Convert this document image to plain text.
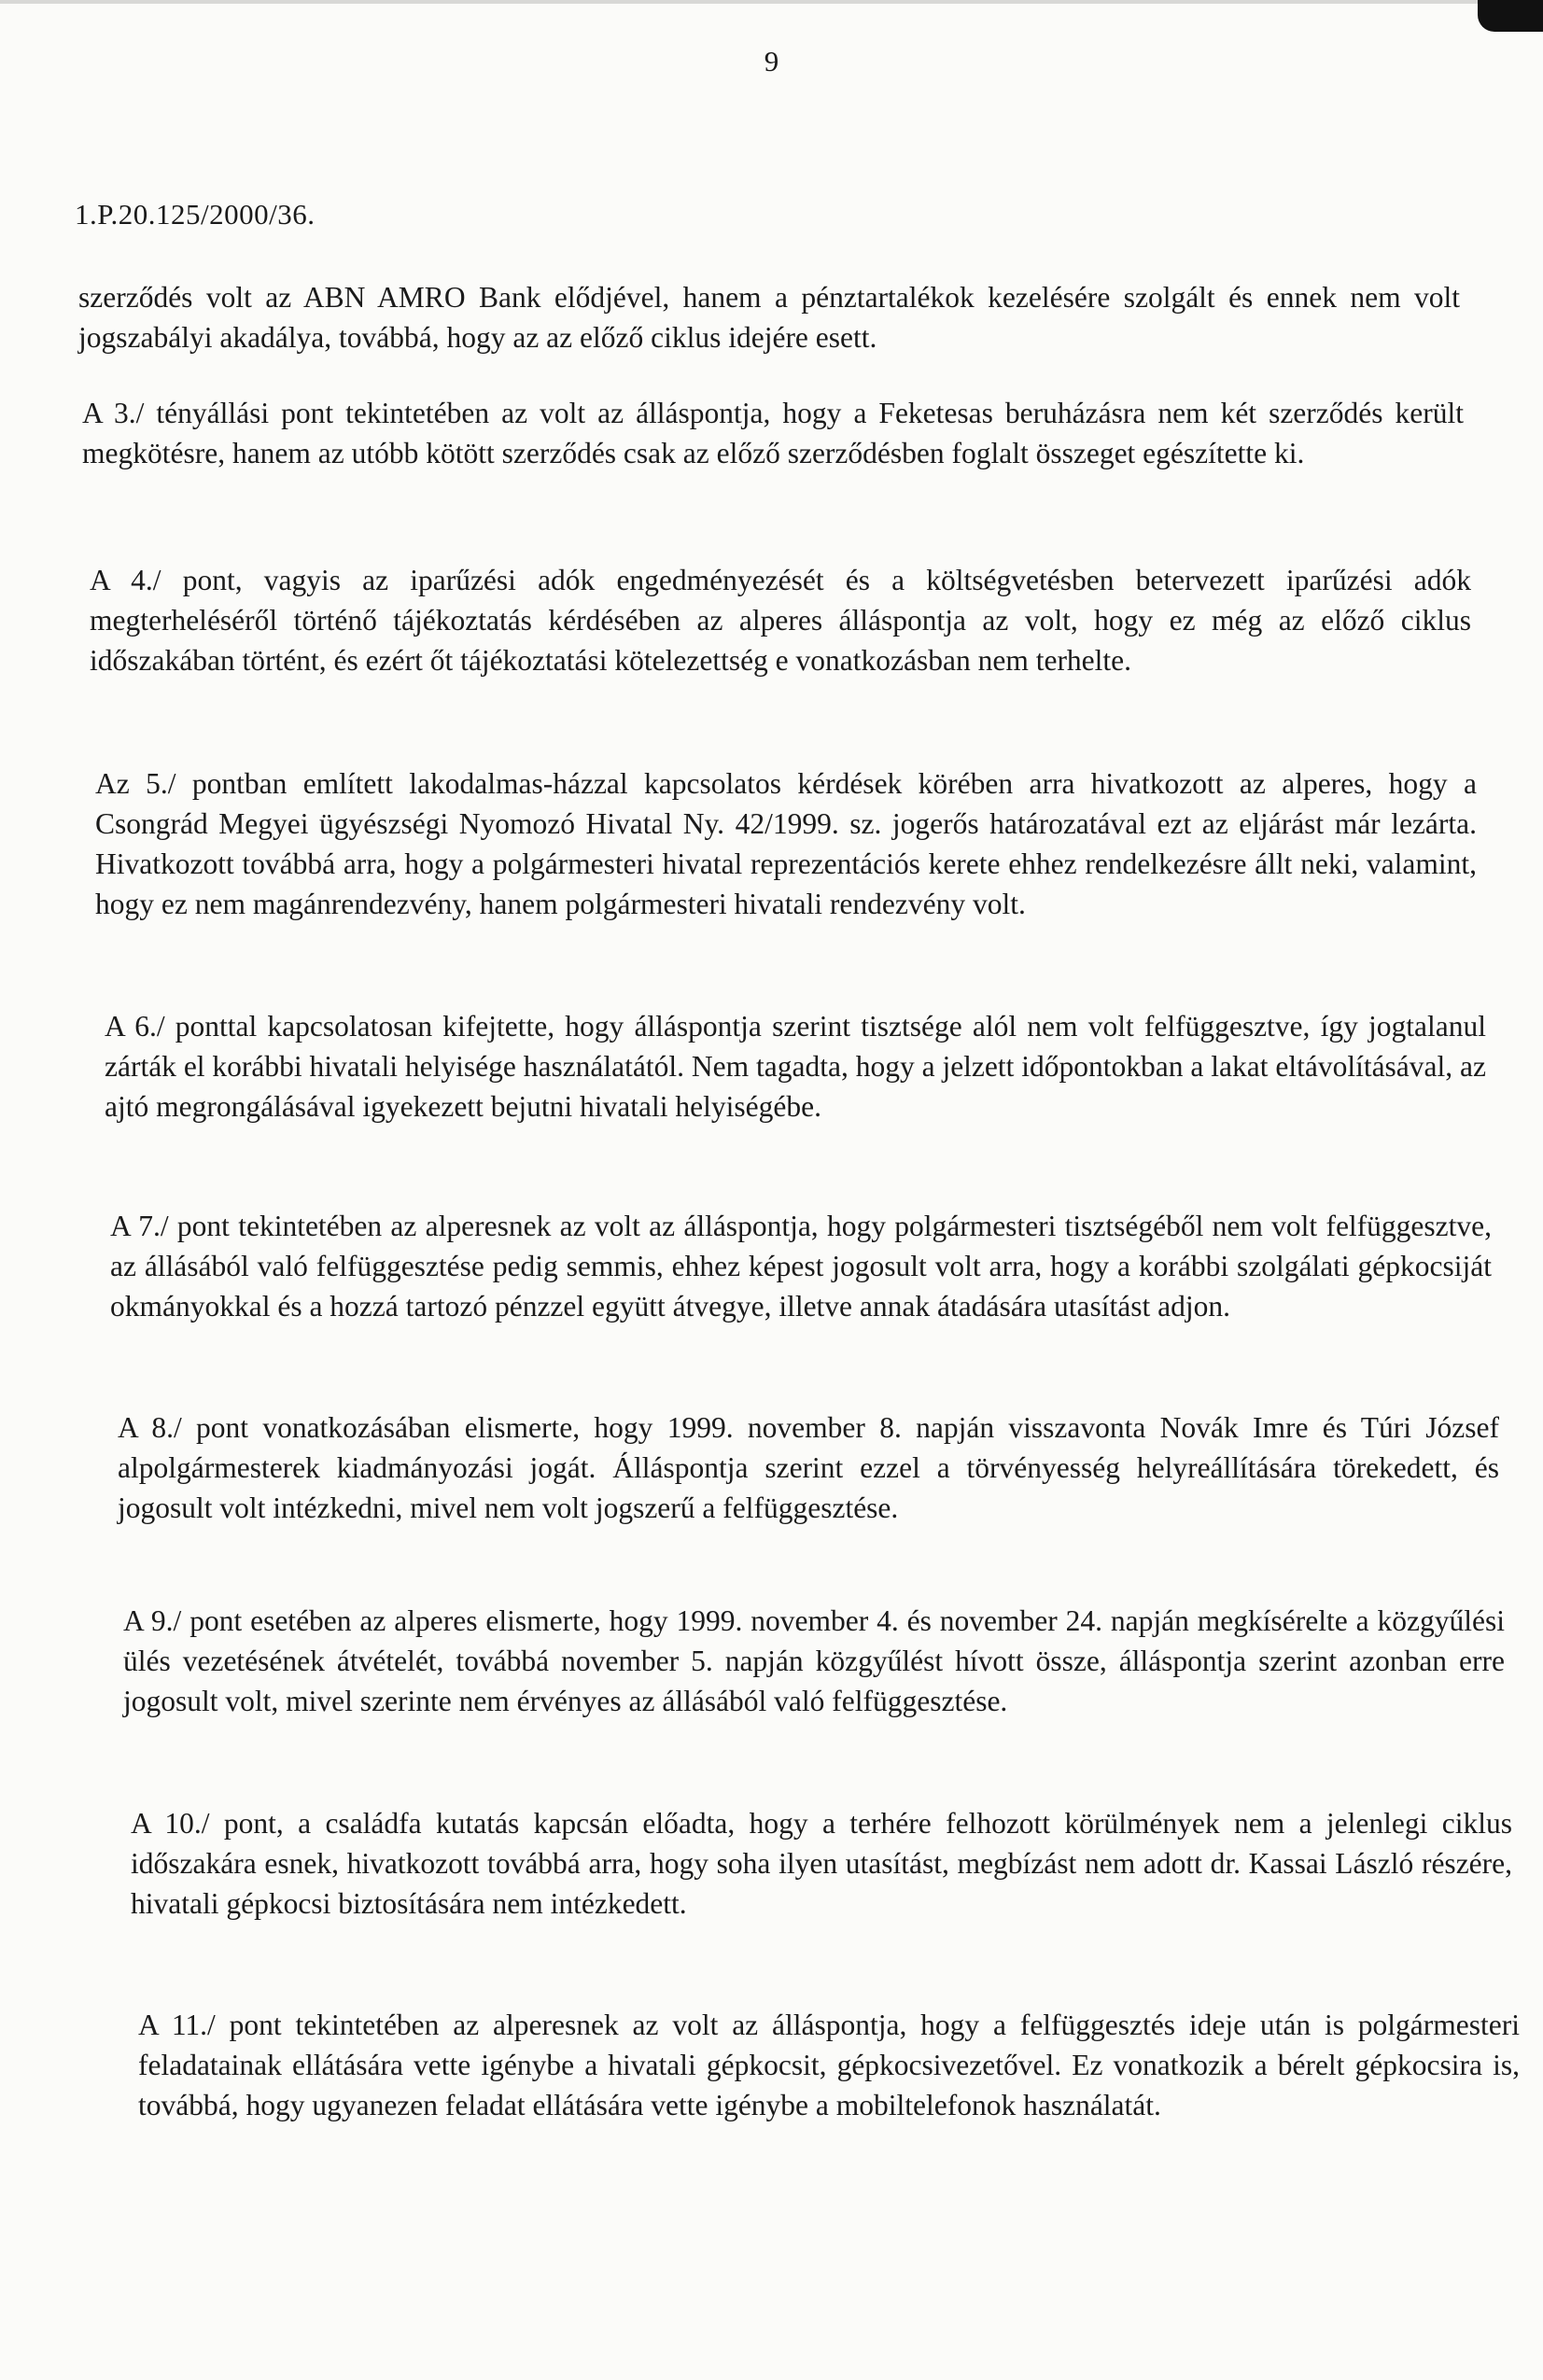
9
1.P.20.125/2000/36.

szerződés volt az ABN AMRO Bank elődjével, hanem a pénztartalékok kezelésére szolgált és ennek nem volt jogszabályi akadálya, továbbá, hogy az az előző ciklus idejére esett.

A 3./ tényállási pont tekintetében az volt az álláspontja, hogy a Feketesas beruházásra nem két szerződés került megkötésre, hanem az utóbb kötött szerződés csak az előző szerződésben foglalt összeget egészítette ki.

A 4./ pont, vagyis az iparűzési adók engedményezését és a költségvetésben betervezett iparűzési adók megterheléséről történő tájékoztatás kérdésében az alperes álláspontja az volt, hogy ez még az előző ciklus időszakában történt, és ezért őt tájékoztatási kötelezettség e vonatkozásban nem terhelte.

Az 5./ pontban említett lakodalmas-házzal kapcsolatos kérdések körében arra hivatkozott az alperes, hogy a Csongrád Megyei ügyészségi Nyomozó Hivatal Ny. 42/1999. sz. jogerős határozatával ezt az eljárást már lezárta. Hivatkozott továbbá arra, hogy a polgármesteri hivatal reprezentációs kerete ehhez rendelkezésre állt neki, valamint, hogy ez nem magánrendezvény, hanem polgármesteri hivatali rendezvény volt.

A 6./ ponttal kapcsolatosan kifejtette, hogy álláspontja szerint tisztsége alól nem volt felfüggesztve, így jogtalanul zárták el korábbi hivatali helyisége használatától. Nem tagadta, hogy a jelzett időpontokban a lakat eltávolításával, az ajtó megrongálásával igyekezett bejutni hivatali helyiségébe.

A 7./ pont tekintetében az alperesnek az volt az álláspontja, hogy polgármesteri tisztségéből nem volt felfüggesztve, az állásából való felfüggesztése pedig semmis, ehhez képest jogosult volt arra, hogy a korábbi szolgálati gépkocsiját okmányokkal és a hozzá tartozó pénzzel együtt átvegye, illetve annak átadására utasítást adjon.

A 8./ pont vonatkozásában elismerte, hogy 1999. november 8. napján visszavonta Novák Imre és Túri József alpolgármesterek kiadmányozási jogát. Álláspontja szerint ezzel a törvényesség helyreállítására törekedett, és jogosult volt intézkedni, mivel nem volt jogszerű a felfüggesztése.

A 9./ pont esetében az alperes elismerte, hogy 1999. november 4. és november 24. napján megkísérelte a közgyűlési ülés vezetésének átvételét, továbbá november 5. napján közgyűlést hívott össze, álláspontja szerint azonban erre jogosult volt, mivel szerinte nem érvényes az állásából való felfüggesztése.

A 10./ pont, a családfa kutatás kapcsán előadta, hogy a terhére felhozott körülmények nem a jelenlegi ciklus időszakára esnek, hivatkozott továbbá arra, hogy soha ilyen utasítást, megbízást nem adott dr. Kassai László részére, hivatali gépkocsi biztosítására nem intézkedett.

A 11./ pont tekintetében az alperesnek az volt az álláspontja, hogy a felfüggesztés ideje után is polgármesteri feladatainak ellátására vette igénybe a hivatali gépkocsit, gépkocsivezetővel. Ez vonatkozik a bérelt gépkocsira is, továbbá, hogy ugyanezen feladat ellátására vette igénybe a mobiltelefonok használatát.
